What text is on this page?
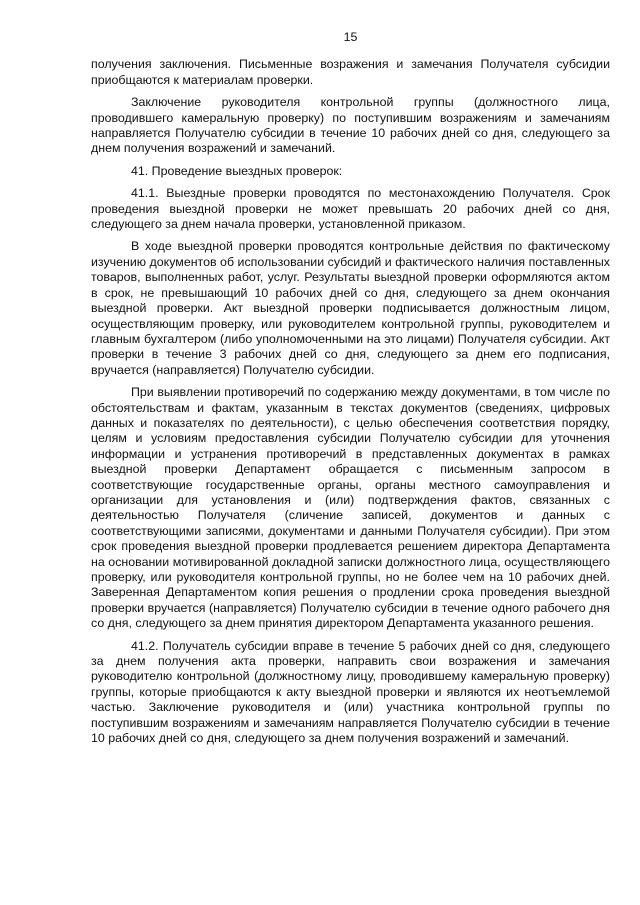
15

получения заключения. Письменные возражения и замечания Получателя субсидии приобщаются к материалам проверки.

Заключение руководителя контрольной группы (должностного лица, проводившего камеральную проверку) по поступившим возражениям и замечаниям направляется Получателю субсидии в течение 10 рабочих дней со дня, следующего за днем получения возражений и замечаний.

41. Проведение выездных проверок:

41.1. Выездные проверки проводятся по местонахождению Получателя. Срок проведения выездной проверки не может превышать 20 рабочих дней со дня, следующего за днем начала проверки, установленной приказом.

В ходе выездной проверки проводятся контрольные действия по фактическому изучению документов об использовании субсидий и фактического наличия поставленных товаров, выполненных работ, услуг. Результаты выездной проверки оформляются актом в срок, не превышающий 10 рабочих дней со дня, следующего за днем окончания выездной проверки. Акт выездной проверки подписывается должностным лицом, осуществляющим проверку, или руководителем контрольной группы, руководителем и главным бухгалтером (либо уполномоченными на это лицами) Получателя субсидии. Акт проверки в течение 3 рабочих дней со дня, следующего за днем его подписания, вручается (направляется) Получателю субсидии.

При выявлении противоречий по содержанию между документами, в том числе по обстоятельствам и фактам, указанным в текстах документов (сведениях, цифровых данных и показателях по деятельности), с целью обеспечения соответствия порядку, целям и условиям предоставления субсидии Получателю субсидии для уточнения информации и устранения противоречий в представленных документах в рамках выездной проверки Департамент обращается с письменным запросом в соответствующие государственные органы, органы местного самоуправления и организации для установления и (или) подтверждения фактов, связанных с деятельностью Получателя (сличение записей, документов и данных с соответствующими записями, документами и данными Получателя субсидии). При этом срок проведения выездной проверки продлевается решением директора Департамента на основании мотивированной докладной записки должностного лица, осуществляющего проверку, или руководителя контрольной группы, но не более чем на 10 рабочих дней. Заверенная Департаментом копия решения о продлении срока проведения выездной проверки вручается (направляется) Получателю субсидии в течение одного рабочего дня со дня, следующего за днем принятия директором Департамента указанного решения.

41.2. Получатель субсидии вправе в течение 5 рабочих дней со дня, следующего за днем получения акта проверки, направить свои возражения и замечания руководителю контрольной (должностному лицу, проводившему камеральную проверку) группы, которые приобщаются к акту выездной проверки и являются их неотъемлемой частью. Заключение руководителя и (или) участника контрольной группы по поступившим возражениям и замечаниям направляется Получателю субсидии в течение 10 рабочих дней со дня, следующего за днем получения возражений и замечаний.
